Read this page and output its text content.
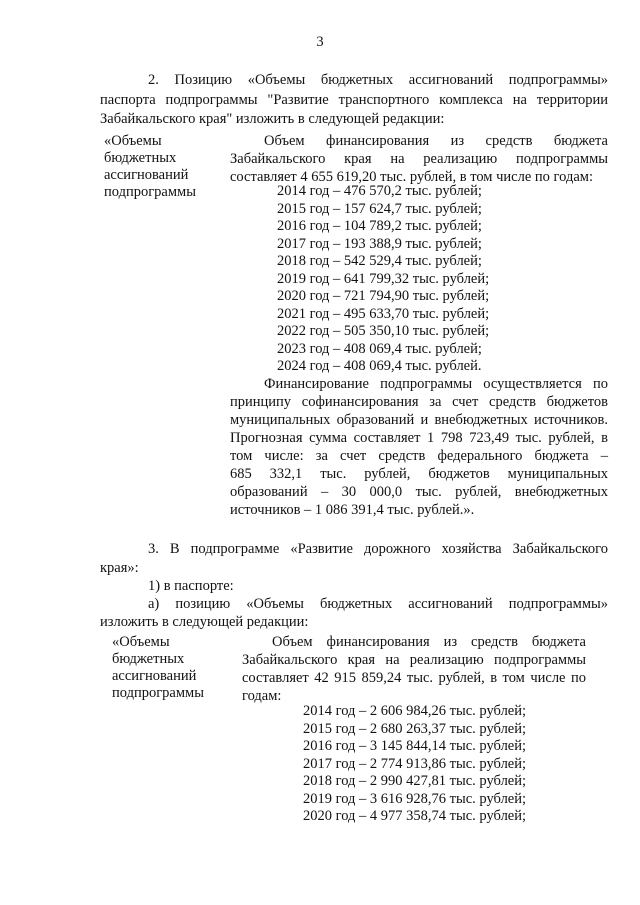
3
2. Позицию «Объемы бюджетных ассигнований подпрограммы»
паспорта подпрограммы "Развитие транспортного комплекса на территории
Забайкальского края" изложить в следующей редакции:
«Объемы
бюджетных
ассигнований
подпрограммы
Объем финансирования из средств бюджета
Забайкальского края на реализацию подпрограммы
составляет 4 655 619,20 тыс. рублей, в том числе по годам:
2014 год – 476 570,2 тыс. рублей;
2015 год – 157 624,7 тыс. рублей;
2016 год – 104 789,2 тыс. рублей;
2017 год – 193 388,9 тыс. рублей;
2018 год – 542 529,4 тыс. рублей;
2019 год – 641 799,32 тыс. рублей;
2020 год – 721 794,90 тыс. рублей;
2021 год – 495 633,70 тыс. рублей;
2022 год – 505 350,10 тыс. рублей;
2023 год – 408 069,4 тыс. рублей;
2024 год – 408 069,4 тыс. рублей.
Финансирование подпрограммы осуществляется по
принципу софинансирования за счет средств бюджетов
муниципальных образований и внебюджетных источников.
Прогнозная сумма составляет 1 798 723,49 тыс. рублей, в
том числе: за счет средств федерального бюджета –
685 332,1 тыс. рублей, бюджетов муниципальных
образований – 30 000,0 тыс. рублей, внебюджетных
источников – 1 086 391,4 тыс. рублей.».
3. В подпрограмме «Развитие дорожного хозяйства Забайкальского
края»:
1) в паспорте:
а) позицию «Объемы бюджетных ассигнований подпрограммы»
изложить в следующей редакции:
«Объемы
бюджетных
ассигнований
подпрограммы
Объем финансирования из средств бюджета
Забайкальского края на реализацию подпрограммы
составляет 42 915 859,24 тыс. рублей, в том числе по
годам:
2014 год – 2 606 984,26 тыс. рублей;
2015 год – 2 680 263,37 тыс. рублей;
2016 год – 3 145 844,14 тыс. рублей;
2017 год – 2 774 913,86 тыс. рублей;
2018 год – 2 990 427,81 тыс. рублей;
2019 год – 3 616 928,76 тыс. рублей;
2020 год – 4 977 358,74 тыс. рублей;
